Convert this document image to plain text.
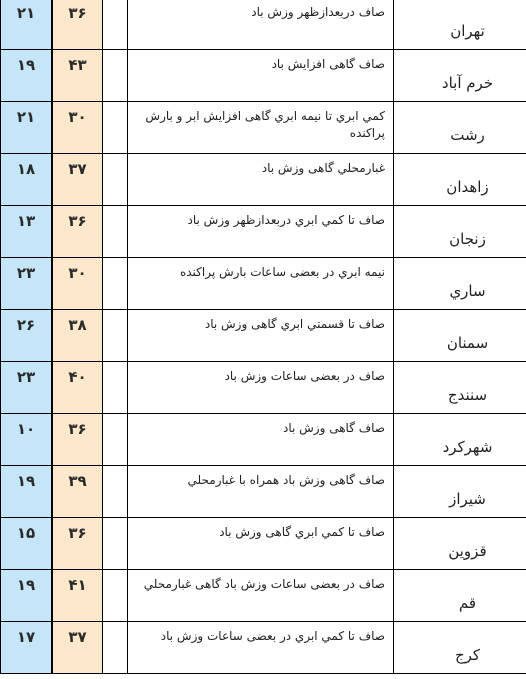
۲۱	۳۶		صاف دربعدازظهر وزش باد	تهران
۱۹	۴۳		صاف گاهی افزایش باد	خرم آباد
۲۱	۳۰		كمي ابري تا نيمه ابري گاهی افزايش ابر و بارش پراکنده	رشت
۱۸	۳۷		غبارمحلي گاهی وزش باد	زاهدان
۱۳	۳۶		صاف تا كمي ابري دربعدازظهر وزش باد	زنجان
۲۳	۳۰		نيمه ابري در بعضی ساعات بارش پراکنده	ساري
۲۶	۳۸		صاف تا قسمتي ابري گاهی وزش باد	سمنان
۲۳	۴۰		صاف در بعضی ساعات وزش باد	سنندج
۱۰	۳۶		صاف گاهی وزش باد	شهركرد
۱۹	۳۹		صاف گاهی وزش باد همراه با غبارمحلي	شيراز
۱۵	۳۶		صاف تا كمي ابري گاهی وزش باد	قزوين
۱۹	۴۱		صاف در بعضی ساعات وزش باد گاهی غبارمحلي	قم
۱۷	۳۷		صاف تا كمي ابري در بعضی ساعات وزش باد	كرج
